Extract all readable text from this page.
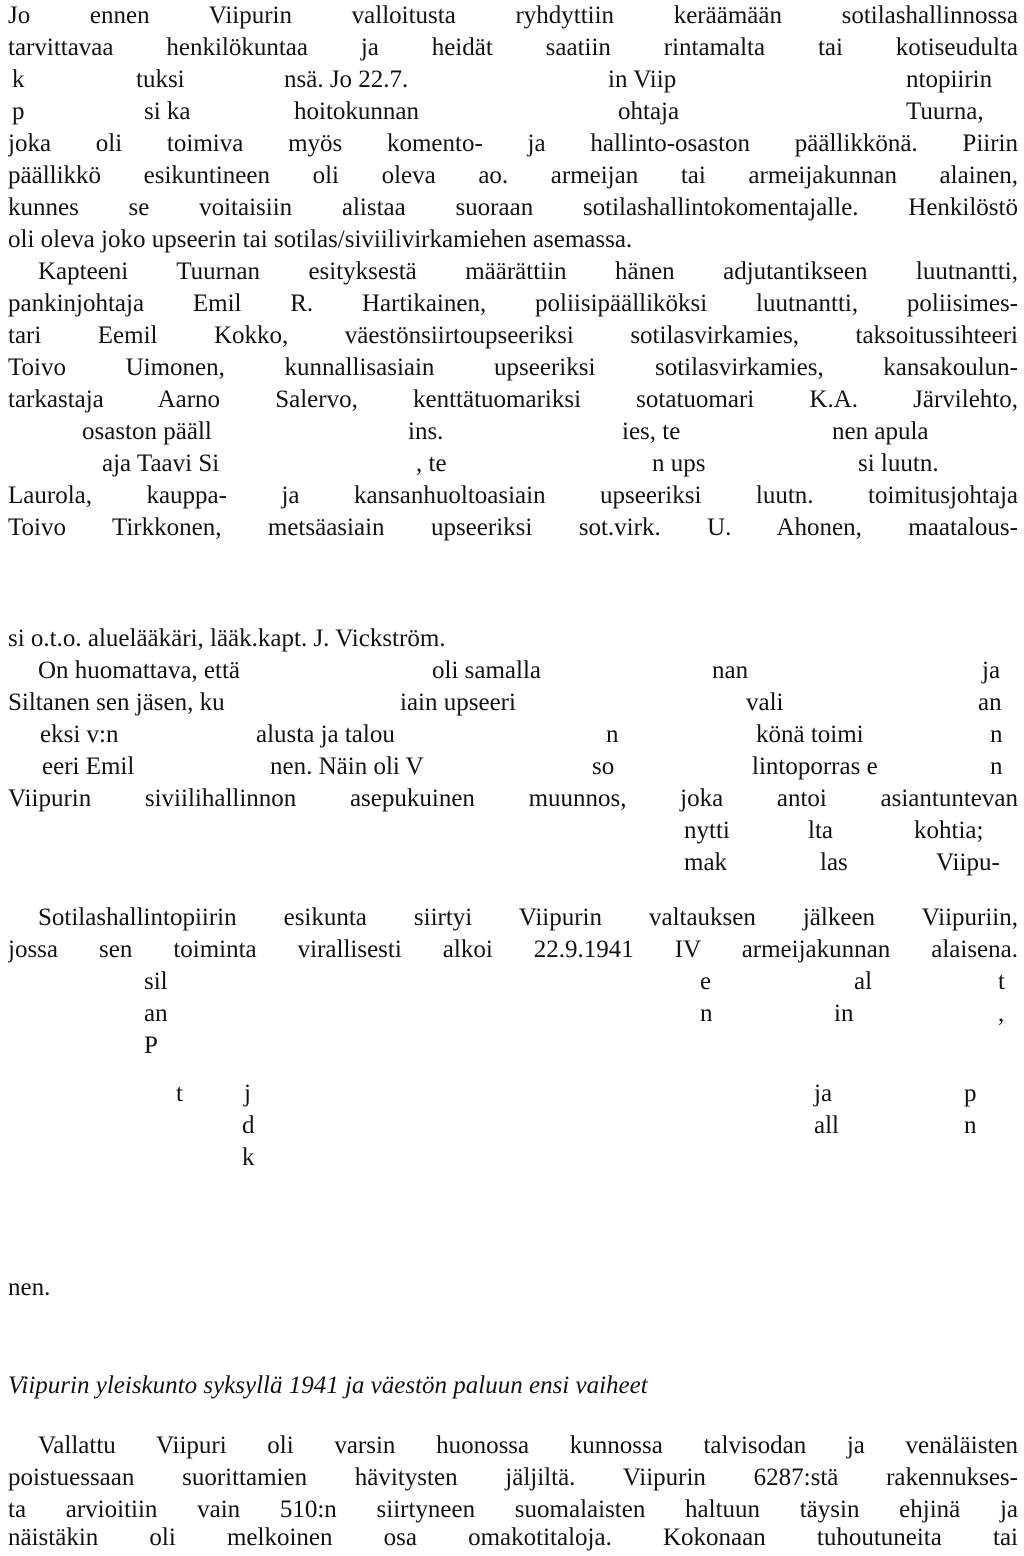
Jo ennen Viipurin valloitusta ryhdyttiin keräämään sotilashallinnossa
tarvittavaa henkilökuntaa ja heidät saatiin rintamalta tai kotiseudulta
k	tuksi	nsä. Jo 22.7.	in Viip	ntopiirin
p	si ka	hoitokunnan	ohtaja	Tuurna,
joka oli toimiva myös komento- ja hallinto-osaston päällikkönä. Piirin
päällikkö esikuntineen oli oleva ao. armeijan tai armeijakunnan alainen,
kunnes se voitaisiin alistaa suoraan sotilashallintokomentajalle. Henkilöstö
oli oleva joko upseerin tai sotilas/siviilivirkamiehen asemassa.
Kapteeni Tuurnan esityksestä määrättiin hänen adjutantikseen luutnantti,
pankinjohtaja Emil R. Hartikainen, poliisipäälliköksi luutnantti, poliisimes-
tari Eemil Kokko, väestönsiirtoupseeriksi sotilasvirkamies, taksoitussihteeri
Toivo Uimonen, kunnallisasiain upseeriksi sotilasvirkamies, kansakoulun-
tarkastaja Aarno Salervo, kenttätuomariksi sotatuomari K.A. Järvilehto,
osaston pääll	ins.	ies, te	nen apula
aja Taavi Si	, te	n ups	si luutn.
Laurola, kauppa- ja kansanhuoltoasiain upseeriksi luutn. toimitusjohtaja
Toivo Tirkkonen, metsäasiain upseeriksi sot.virk. U. Ahonen, maatalous-
si o.t.o. aluelääkäri, lääk.kapt. J. Vickström.
On huomattava, että	oli samalla	nan	ja
Siltanen sen jäsen, ku	iain upseeri	vali	an
eksi v:n	alusta ja talou	n	könä toimi	n
eeri Emil	nen. Näin oli V	so	lintoporras e	n
Viipurin siviilihallinnon asepukuinen muunnos, joka antoi asiantuntevan
nytti	lta	kohtia;
mak	las	Viipu-
Sotilashallintopiirin esikunta siirtyi Viipurin valtauksen jälkeen Viipuriin,
jossa sen toiminta virallisesti alkoi 22.9.1941 IV armeijakunnan alaisena.
sil	e	al	t
an	n	in	,
P
t j	ja	p
d	all	n
k
nen.
Viipurin yleiskunto syksyllä 1941 ja väestön paluun ensi vaiheet
Vallattu Viipuri oli varsin huonossa kunnossa talvisodan ja venäläisten
poistuessaan suorittamien hävitysten jäljiltä. Viipurin 6287:stä rakennukses-
ta arvioitiin vain 510:n siirtyneen suomalaisten haltuun täysin ehjinä ja
näistäkin oli melkoinen osa omakotitaloja. Kokonaan tuhoutuneita tai
